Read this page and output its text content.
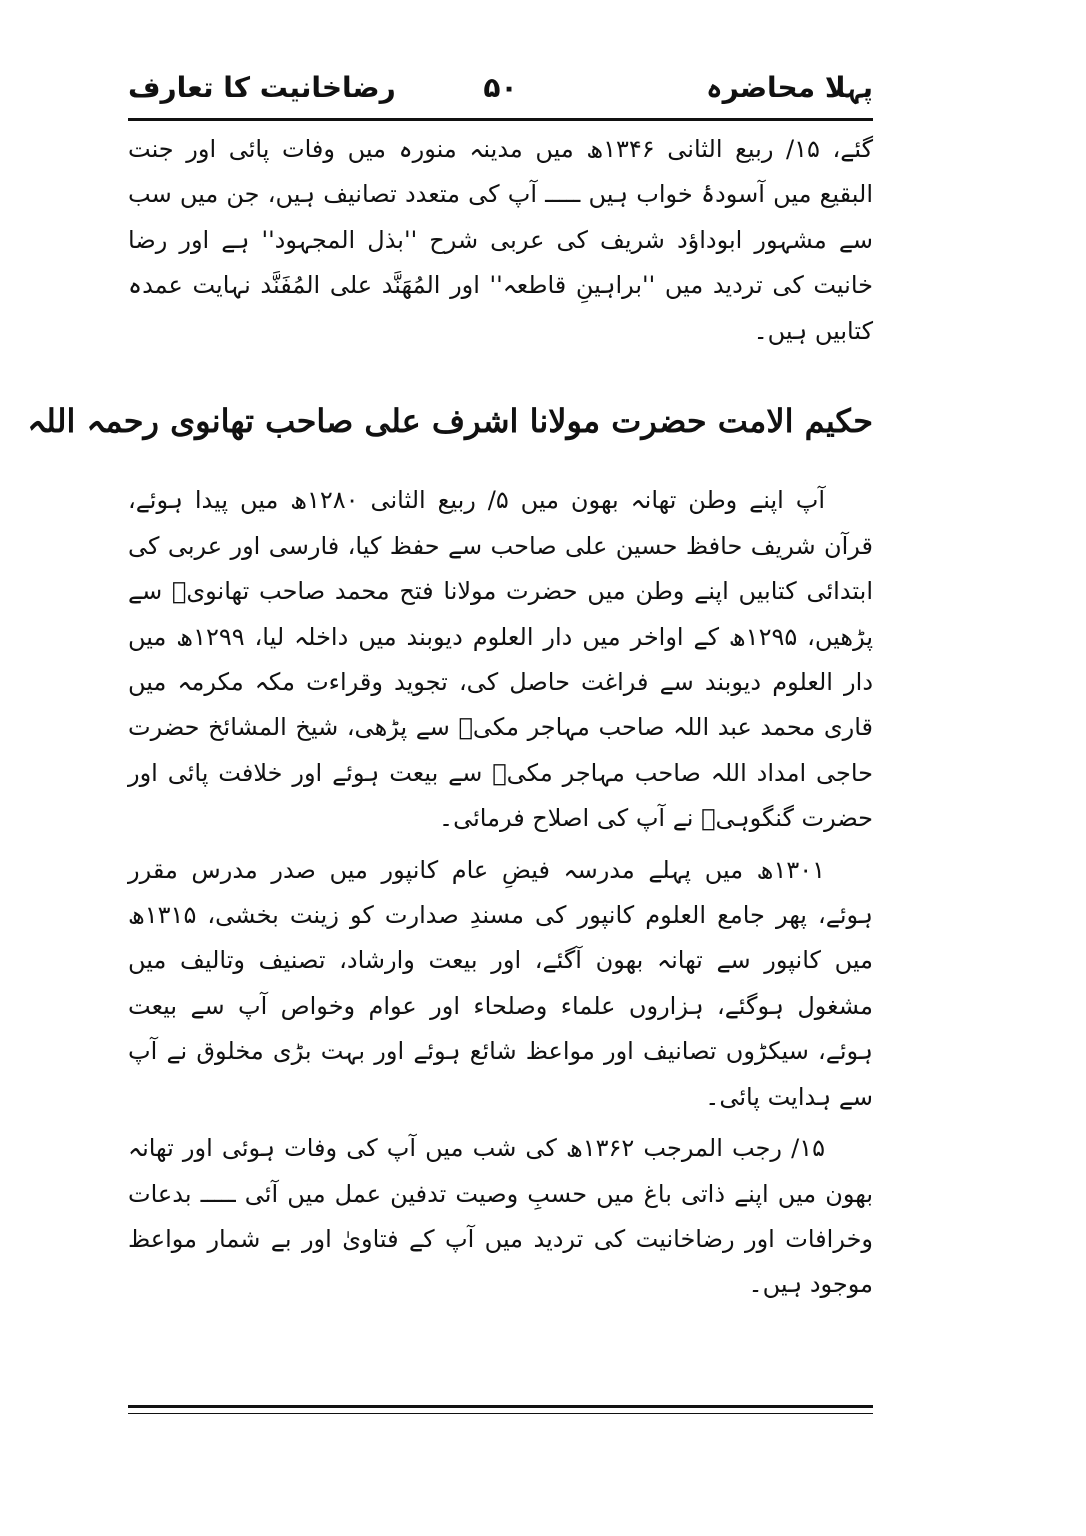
پہلا محاضرہ
۵۰
رضاخانیت کا تعارف

گئے، ۱۵/ ربیع الثانی ۱۳۴۶ھ میں مدینہ منورہ میں وفات پائی اور جنت البقیع میں آسودۂ خواب ہیں ـــــ آپ کی متعدد تصانیف ہیں، جن میں سب سے مشہور ابوداؤد شریف کی عربی شرح ''بذل المجہود'' ہے اور رضا خانیت کی تردید میں ''براہینِ قاطعہ'' اور المُهَنَّد علی المُفَنَّد نہایت عمدہ کتابیں ہیں۔

حکیم الامت حضرت مولانا اشرف علی صاحب تھانوی رحمہ اللہ

آپ اپنے وطن تھانہ بھون میں ۵/ ربیع الثانی ۱۲۸۰ھ میں پیدا ہوئے، قرآن شریف حافظ حسین علی صاحب سے حفظ کیا، فارسی اور عربی کی ابتدائی کتابیں اپنے وطن میں حضرت مولانا فتح محمد صاحب تھانویؒ سے پڑھیں، ۱۲۹۵ھ کے اواخر میں دار العلوم دیوبند میں داخلہ لیا، ۱۲۹۹ھ میں دار العلوم دیوبند سے فراغت حاصل کی، تجوید وقراءت مکہ مکرمہ میں قاری محمد عبد اللہ صاحب مہاجر مکیؒ سے پڑھی، شیخ المشائخ حضرت حاجی امداد اللہ صاحب مہاجر مکیؒ سے بیعت ہوئے اور خلافت پائی اور حضرت گنگوہیؒ نے آپ کی اصلاح فرمائی۔

۱۳۰۱ھ میں پہلے مدرسہ فیضِ عام کانپور میں صدر مدرس مقرر ہوئے، پھر جامع العلوم کانپور کی مسندِ صدارت کو زینت بخشی، ۱۳۱۵ھ میں کانپور سے تھانہ بھون آگئے، اور بیعت وارشاد، تصنیف وتالیف میں مشغول ہوگئے، ہزاروں علماء وصلحاء اور عوام وخواص آپ سے بیعت ہوئے، سیکڑوں تصانیف اور مواعظ شائع ہوئے اور بہت بڑی مخلوق نے آپ سے ہدایت پائی۔

۱۵/ رجب المرجب ۱۳۶۲ھ کی شب میں آپ کی وفات ہوئی اور تھانہ بھون میں اپنے ذاتی باغ میں حسبِ وصیت تدفین عمل میں آئی ـــــ بدعات وخرافات اور رضاخانیت کی تردید میں آپ کے فتاویٰ اور بے شمار مواعظ موجود ہیں۔
